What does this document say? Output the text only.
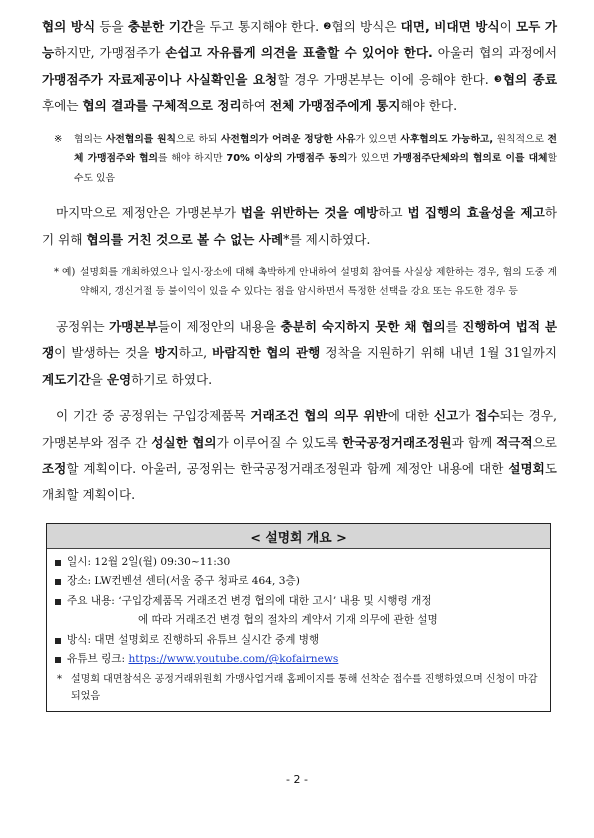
협의 방식 등을 충분한 기간을 두고 통지해야 한다. ❷협의 방식은 대면, 비대면 방식이 모두 가능하지만, 가맹점주가 손쉽고 자유롭게 의견을 표출할 수 있어야 한다. 아울러 협의 과정에서 가맹점주가 자료제공이나 사실확인을 요청할 경우 가맹본부는 이에 응해야 한다. ❸협의 종료 후에는 협의 결과를 구체적으로 정리하여 전체 가맹점주에게 통지해야 한다.

※ 협의는 사전협의를 원칙으로 하되 사전협의가 어려운 정당한 사유가 있으면 사후협의도 가능하고, 원칙적으로 전체 가맹점주와 협의를 해야 하지만 70% 이상의 가맹점주 동의가 있으면 가맹점주단체와의 협의로 이를 대체할 수도 있음

마지막으로 제정안은 가맹본부가 법을 위반하는 것을 예방하고 법 집행의 효율성을 제고하기 위해 협의를 거친 것으로 볼 수 없는 사례*를 제시하였다.

* 예) 설명회를 개최하였으나 일시·장소에 대해 촉박하게 안내하여 설명회 참여를 사실상 제한하는 경우, 협의 도중 계약해지, 갱신거절 등 불이익이 있을 수 있다는 점을 암시하면서 특정한 선택을 강요 또는 유도한 경우 등

공정위는 가맹본부들이 제정안의 내용을 충분히 숙지하지 못한 채 협의를 진행하여 법적 분쟁이 발생하는 것을 방지하고, 바람직한 협의 관행 정착을 지원하기 위해 내년 1월 31일까지 계도기간을 운영하기로 하였다.

이 기간 중 공정위는 구입강제품목 거래조건 협의 의무 위반에 대한 신고가 접수되는 경우, 가맹본부와 점주 간 성실한 협의가 이루어질 수 있도록 한국공정거래조정원과 함께 적극적으로 조정할 계획이다. 아울러, 공정위는 한국공정거래조정원과 함께 제정안 내용에 대한 설명회도 개최할 계획이다.

< 설명회 개요 >

일시: 12월 2일(월) 09:30~11:30

장소: LW컨벤션 센터(서울 중구 청파로 464, 3층)

주요 내용: ‘구입강제품목 거래조건 변경 협의에 대한 고시’ 내용 및 시행령 개정
에 따라 거래조건 변경 협의 절차의 계약서 기재 의무에 관한 설명

방식: 대면 설명회로 진행하되 유튜브 실시간 중계 병행

유튜브 링크: https://www.youtube.com/@kofairnews

* 설명회 대면참석은 공정거래위원회 가맹사업거래 홈페이지를 통해 선착순 접수를 진행하였으며 신청이 마감되었음

- 2 -
